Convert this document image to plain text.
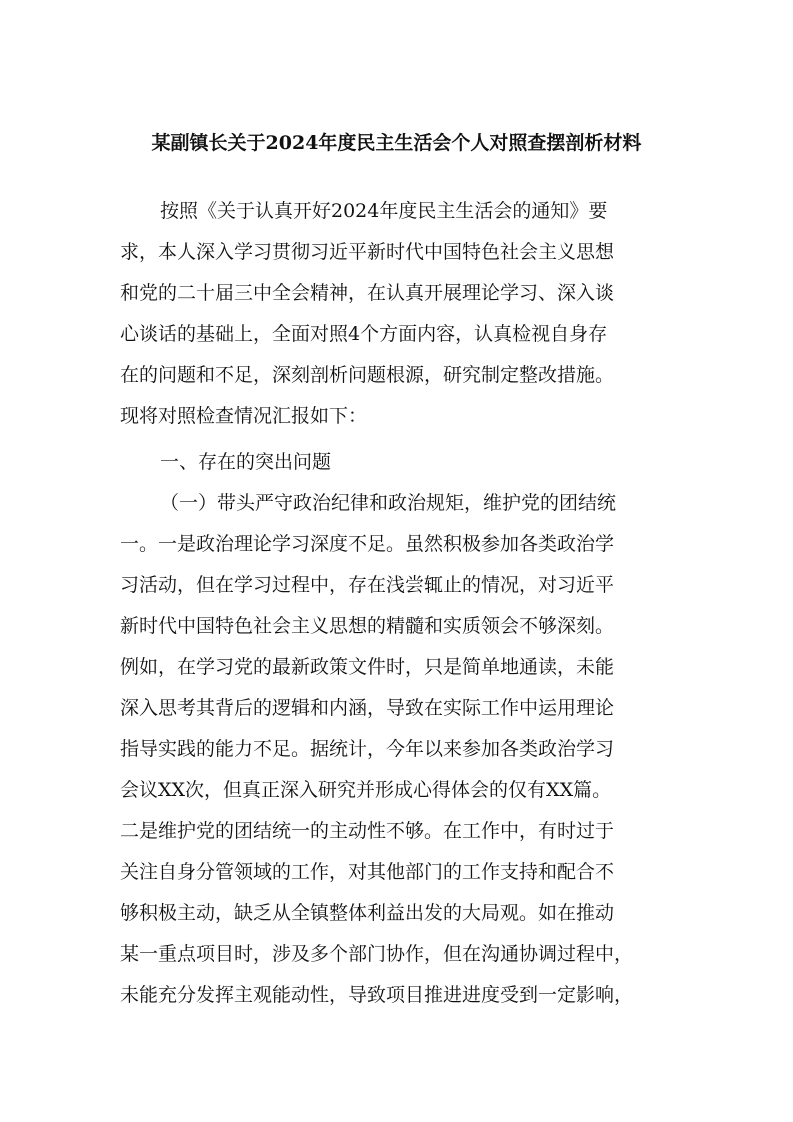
某副镇长关于2024年度民主生活会个人对照查摆剖析材料

按照《关于认真开好2024年度民主生活会的通知》要

求，本人深入学习贯彻习近平新时代中国特色社会主义思想

和党的二十届三中全会精神，在认真开展理论学习、深入谈

心谈话的基础上，全面对照4个方面内容，认真检视自身存

在的问题和不足，深刻剖析问题根源，研究制定整改措施。

现将对照检查情况汇报如下：

一、存在的突出问题

（一）带头严守政治纪律和政治规矩，维护党的团结统

一。一是政治理论学习深度不足。虽然积极参加各类政治学

习活动，但在学习过程中，存在浅尝辄止的情况，对习近平

新时代中国特色社会主义思想的精髓和实质领会不够深刻。

例如，在学习党的最新政策文件时，只是简单地通读，未能

深入思考其背后的逻辑和内涵，导致在实际工作中运用理论

指导实践的能力不足。据统计，今年以来参加各类政治学习

会议XX次，但真正深入研究并形成心得体会的仅有XX篇。

二是维护党的团结统一的主动性不够。在工作中，有时过于

关注自身分管领域的工作，对其他部门的工作支持和配合不

够积极主动，缺乏从全镇整体利益出发的大局观。如在推动

某一重点项目时，涉及多个部门协作，但在沟通协调过程中，

未能充分发挥主观能动性，导致项目推进进度受到一定影响，
